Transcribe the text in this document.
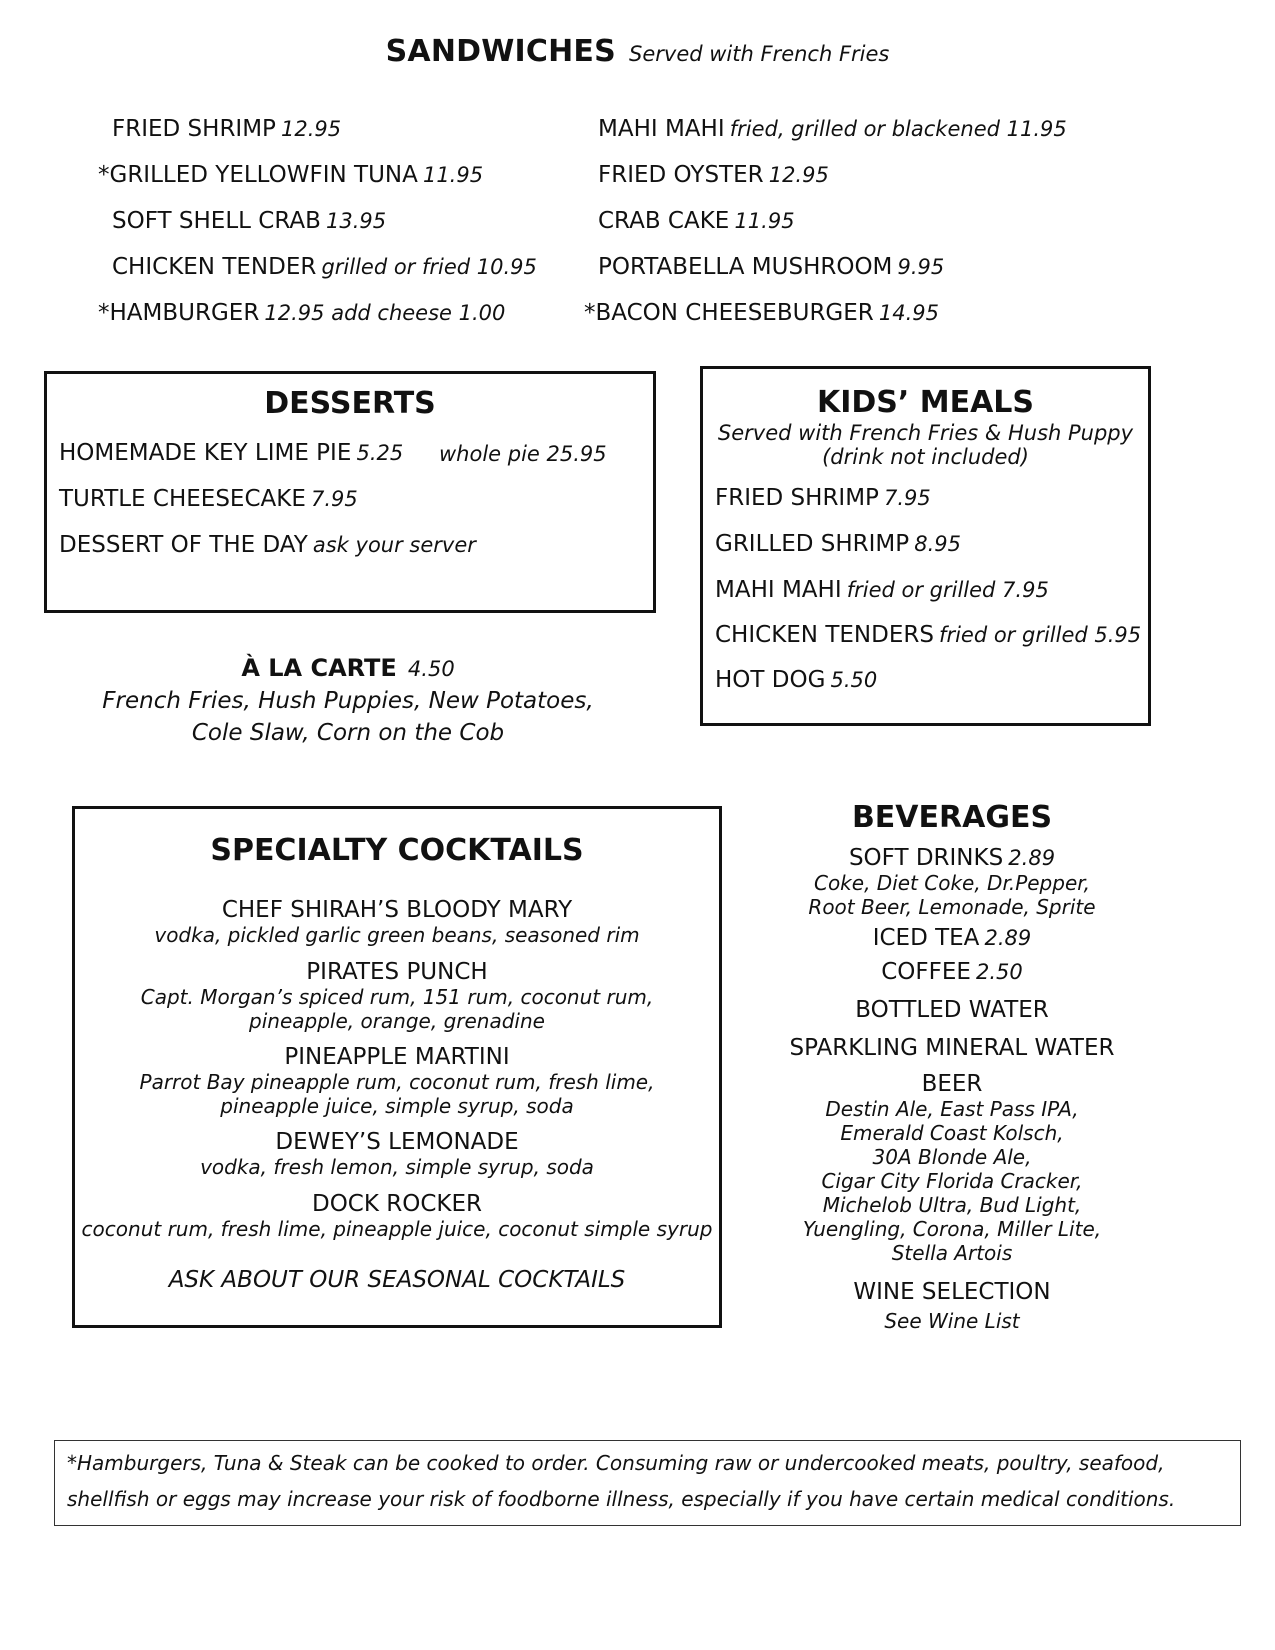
SANDWICHES Served with French Fries
FRIED SHRIMP 12.95
*GRILLED YELLOWFIN TUNA 11.95
SOFT SHELL CRAB 13.95
CHICKEN TENDER grilled or fried 10.95
*HAMBURGER 12.95 add cheese 1.00
MAHI MAHI fried, grilled or blackened 11.95
FRIED OYSTER 12.95
CRAB CAKE 11.95
PORTABELLA MUSHROOM 9.95
*BACON CHEESEBURGER 14.95
DESSERTS
HOMEMADE KEY LIME PIE 5.25 whole pie 25.95
TURTLE CHEESECAKE 7.95
DESSERT OF THE DAY ask your server
KIDS’ MEALS
Served with French Fries & Hush Puppy
(drink not included)
FRIED SHRIMP 7.95
GRILLED SHRIMP 8.95
MAHI MAHI fried or grilled 7.95
CHICKEN TENDERS fried or grilled 5.95
HOT DOG 5.50
À LA CARTE 4.50
French Fries, Hush Puppies, New Potatoes,
Cole Slaw, Corn on the Cob
SPECIALTY COCKTAILS
CHEF SHIRAH’S BLOODY MARY
vodka, pickled garlic green beans, seasoned rim
PIRATES PUNCH
Capt. Morgan’s spiced rum, 151 rum, coconut rum,
pineapple, orange, grenadine
PINEAPPLE MARTINI
Parrot Bay pineapple rum, coconut rum, fresh lime,
pineapple juice, simple syrup, soda
DEWEY’S LEMONADE
vodka, fresh lemon, simple syrup, soda
DOCK ROCKER
coconut rum, fresh lime, pineapple juice, coconut simple syrup
ASK ABOUT OUR SEASONAL COCKTAILS
BEVERAGES
SOFT DRINKS 2.89
Coke, Diet Coke, Dr.Pepper,
Root Beer, Lemonade, Sprite
ICED TEA 2.89
COFFEE 2.50
BOTTLED WATER
SPARKLING MINERAL WATER
BEER
Destin Ale, East Pass IPA,
Emerald Coast Kolsch,
30A Blonde Ale,
Cigar City Florida Cracker,
Michelob Ultra, Bud Light,
Yuengling, Corona, Miller Lite,
Stella Artois
WINE SELECTION
See Wine List
*Hamburgers, Tuna & Steak can be cooked to order. Consuming raw or undercooked meats, poultry, seafood,
shellfish or eggs may increase your risk of foodborne illness, especially if you have certain medical conditions.
